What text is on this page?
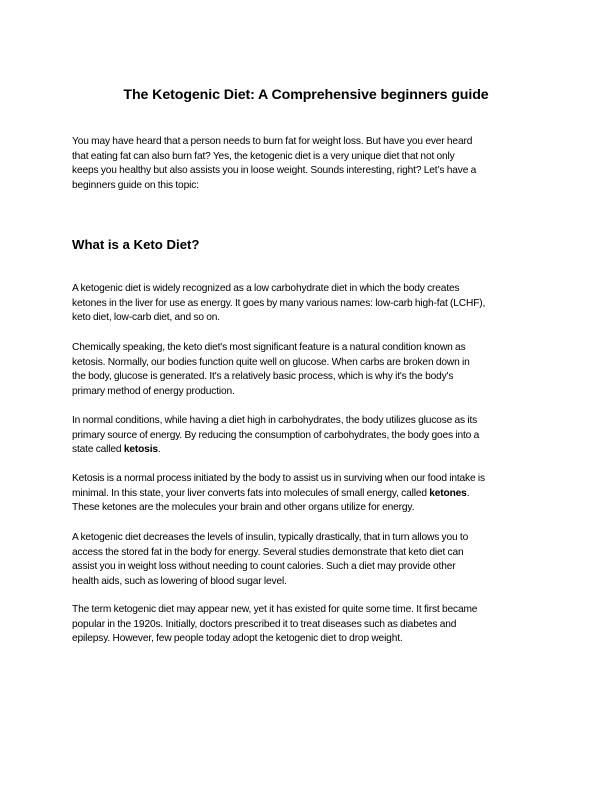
The Ketogenic Diet: A Comprehensive beginners guide
You may have heard that a person needs to burn fat for weight loss. But have you ever heard
that eating fat can also burn fat? Yes, the ketogenic diet is a very unique diet that not only
keeps you healthy but also assists you in loose weight. Sounds interesting, right? Let’s have a
beginners guide on this topic:
What is a Keto Diet?
A ketogenic diet is widely recognized as a low carbohydrate diet in which the body creates
ketones in the liver for use as energy. It goes by many various names: low-carb high-fat (LCHF),
keto diet, low-carb diet, and so on.
Chemically speaking, the keto diet's most significant feature is a natural condition known as
ketosis. Normally, our bodies function quite well on glucose. When carbs are broken down in
the body, glucose is generated. It's a relatively basic process, which is why it's the body's
primary method of energy production.
In normal conditions, while having a diet high in carbohydrates, the body utilizes glucose as its
primary source of energy. By reducing the consumption of carbohydrates, the body goes into a
state called ketosis.
Ketosis is a normal process initiated by the body to assist us in surviving when our food intake is
minimal. In this state, your liver converts fats into molecules of small energy, called ketones.
These ketones are the molecules your brain and other organs utilize for energy.
A ketogenic diet decreases the levels of insulin, typically drastically, that in turn allows you to
access the stored fat in the body for energy. Several studies demonstrate that keto diet can
assist you in weight loss without needing to count calories. Such a diet may provide other
health aids, such as lowering of blood sugar level.
The term ketogenic diet may appear new, yet it has existed for quite some time. It first became
popular in the 1920s. Initially, doctors prescribed it to treat diseases such as diabetes and
epilepsy. However, few people today adopt the ketogenic diet to drop weight.
